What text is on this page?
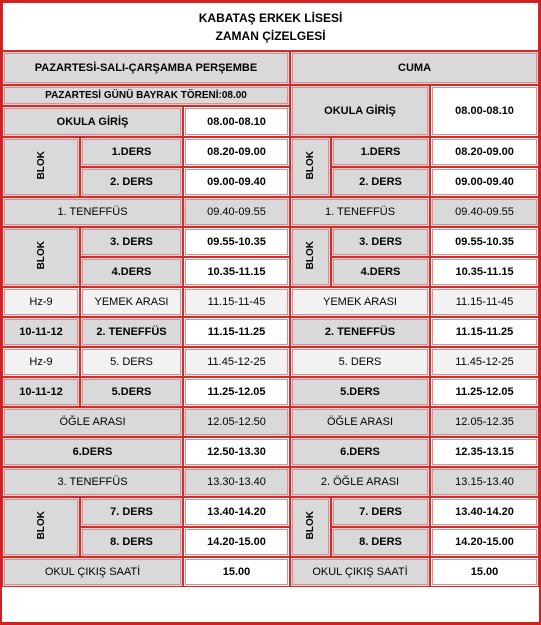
KABATAŞ ERKEK LİSESİ
ZAMAN ÇİZELGESİ					

PAZARTESİ-SALI-ÇARŞAMBA PERŞEMBE			CUMA		
PAZARTESİ GÜNÜ BAYRAK TÖRENİ:08.00			OKULA GİRİŞ		08.00-08.10
OKULA GİRİŞ		08.00-08.10			
BLOK	1.DERS	08.20-09.00	BLOK	1.DERS	08.20-09.00
	2. DERS	09.00-09.40		2. DERS	09.00-09.40
1. TENEFFÜS		09.40-09.55	1. TENEFFÜS		09.40-09.55
BLOK	3. DERS	09.55-10.35	BLOK	3. DERS	09.55-10.35
	4.DERS	10.35-11.15		4.DERS	10.35-11.15
Hz-9	YEMEK ARASI	11.15-11-45	YEMEK ARASI		11.15-11-45
10-11-12	2. TENEFFÜS	11.15-11.25	2. TENEFFÜS		11.15-11.25
Hz-9	5. DERS	11.45-12-25	5. DERS		11.45-12-25
10-11-12	5.DERS	11.25-12.05	5.DERS		11.25-12.05
ÖĞLE ARASI		12.05-12.50	ÖĞLE ARASI		12.05-12.35
6.DERS		12.50-13.30	6.DERS		12.35-13.15
3. TENEFFÜS		13.30-13.40	2. ÖĞLE ARASI		13.15-13.40
BLOK	7. DERS	13.40-14.20	BLOK	7. DERS	13.40-14.20
	8. DERS	14.20-15.00		8. DERS	14.20-15.00
OKUL ÇIKIŞ SAATİ		15.00	OKUL ÇIKIŞ SAATİ		15.00
